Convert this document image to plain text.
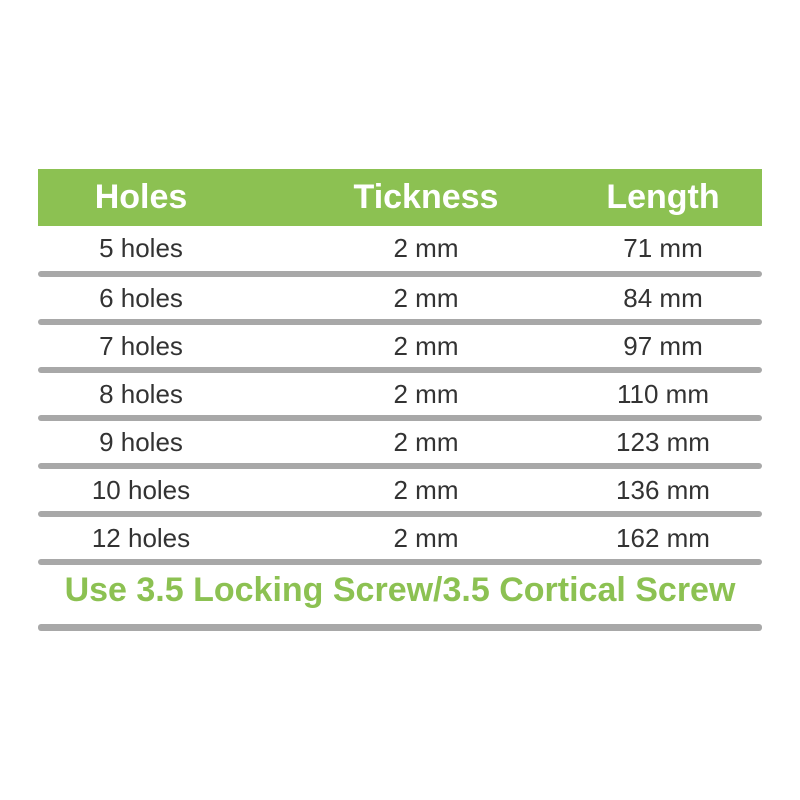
Holes	Tickness	Length
5 holes	2 mm	71 mm
6 holes	2 mm	84 mm
7 holes	2 mm	97 mm
8 holes	2 mm	110 mm
9 holes	2 mm	123 mm
10 holes	2 mm	136 mm
12 holes	2 mm	162 mm
Use 3.5 Locking Screw/3.5 Cortical Screw
